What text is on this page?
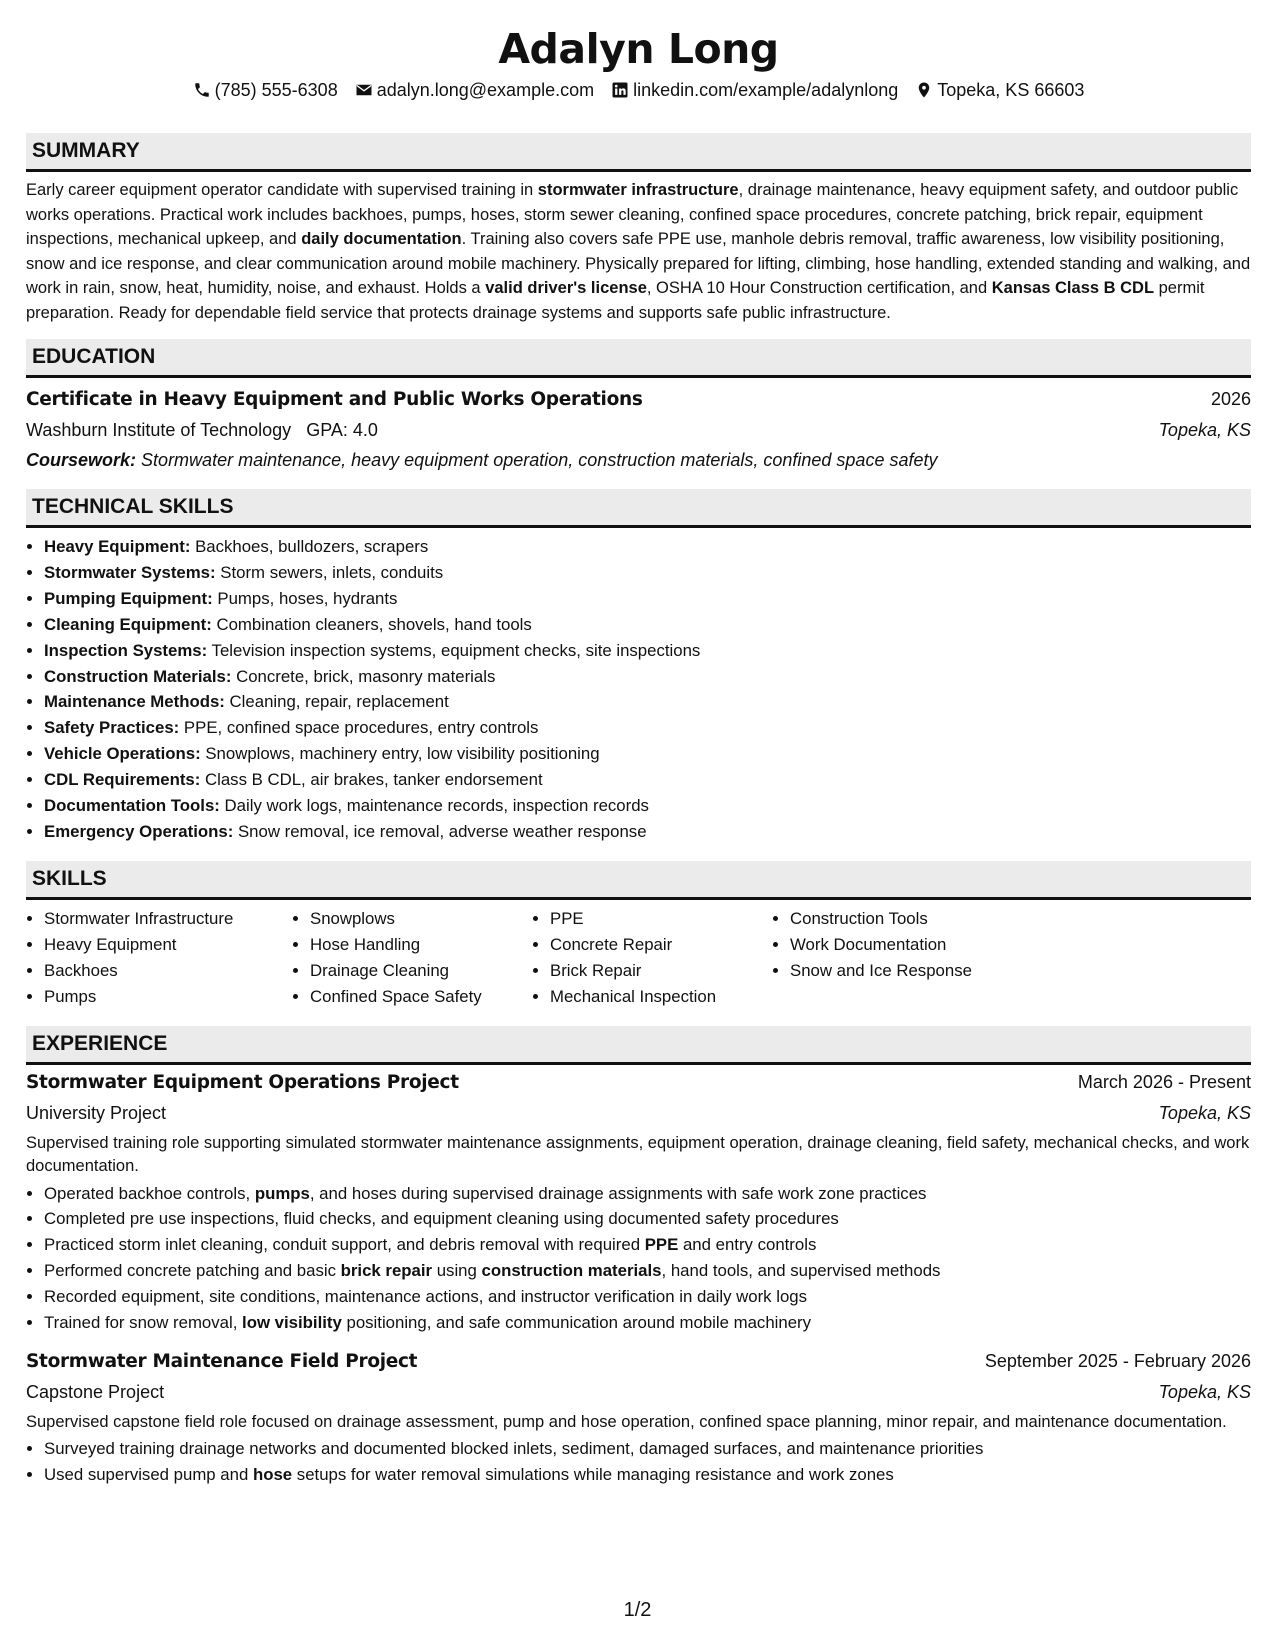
Adalyn Long
(785) 555-6308 adalyn.long@example.com linkedin.com/example/adalynlong Topeka, KS 66603
SUMMARY

Early career equipment operator candidate with supervised training in stormwater infrastructure, drainage maintenance, heavy equipment safety, and outdoor public works operations. Practical work includes backhoes, pumps, hoses, storm sewer cleaning, confined space procedures, concrete patching, brick repair, equipment inspections, mechanical upkeep, and daily documentation. Training also covers safe PPE use, manhole debris removal, traffic awareness, low visibility positioning, snow and ice response, and clear communication around mobile machinery. Physically prepared for lifting, climbing, hose handling, extended standing and walking, and work in rain, snow, heat, humidity, noise, and exhaust. Holds a valid driver's license, OSHA 10 Hour Construction certification, and Kansas Class B CDL permit preparation. Ready for dependable field service that protects drainage systems and supports safe public infrastructure.

EDUCATION
Certificate in Heavy Equipment and Public Works Operations	2026
Washburn Institute of Technology GPA: 4.0	Topeka, KS
Coursework: Stormwater maintenance, heavy equipment operation, construction materials, confined space safety
TECHNICAL SKILLS
• Heavy Equipment: Backhoes, bulldozers, scrapers
• Stormwater Systems: Storm sewers, inlets, conduits
• Pumping Equipment: Pumps, hoses, hydrants
• Cleaning Equipment: Combination cleaners, shovels, hand tools
• Inspection Systems: Television inspection systems, equipment checks, site inspections
• Construction Materials: Concrete, brick, masonry materials
• Maintenance Methods: Cleaning, repair, replacement
• Safety Practices: PPE, confined space procedures, entry controls
• Vehicle Operations: Snowplows, machinery entry, low visibility positioning
• CDL Requirements: Class B CDL, air brakes, tanker endorsement
• Documentation Tools: Daily work logs, maintenance records, inspection records
• Emergency Operations: Snow removal, ice removal, adverse weather response
SKILLS
• Stormwater Infrastructure
• Heavy Equipment
• Backhoes
• Pumps
• Snowplows
• Hose Handling
• Drainage Cleaning
• Confined Space Safety
• PPE
• Concrete Repair
• Brick Repair
• Mechanical Inspection
• Construction Tools
• Work Documentation
• Snow and Ice Response
EXPERIENCE
Stormwater Equipment Operations Project	March 2026 - Present
University Project	Topeka, KS
Supervised training role supporting simulated stormwater maintenance assignments, equipment operation, drainage cleaning, field safety, mechanical checks, and work documentation.
• Operated backhoe controls, pumps, and hoses during supervised drainage assignments with safe work zone practices
• Completed pre use inspections, fluid checks, and equipment cleaning using documented safety procedures
• Practiced storm inlet cleaning, conduit support, and debris removal with required PPE and entry controls
• Performed concrete patching and basic brick repair using construction materials, hand tools, and supervised methods
• Recorded equipment, site conditions, maintenance actions, and instructor verification in daily work logs
• Trained for snow removal, low visibility positioning, and safe communication around mobile machinery
Stormwater Maintenance Field Project	September 2025 - February 2026
Capstone Project	Topeka, KS
Supervised capstone field role focused on drainage assessment, pump and hose operation, confined space planning, minor repair, and maintenance documentation.
• Surveyed training drainage networks and documented blocked inlets, sediment, damaged surfaces, and maintenance priorities
• Used supervised pump and hose setups for water removal simulations while managing resistance and work zones
1/2
